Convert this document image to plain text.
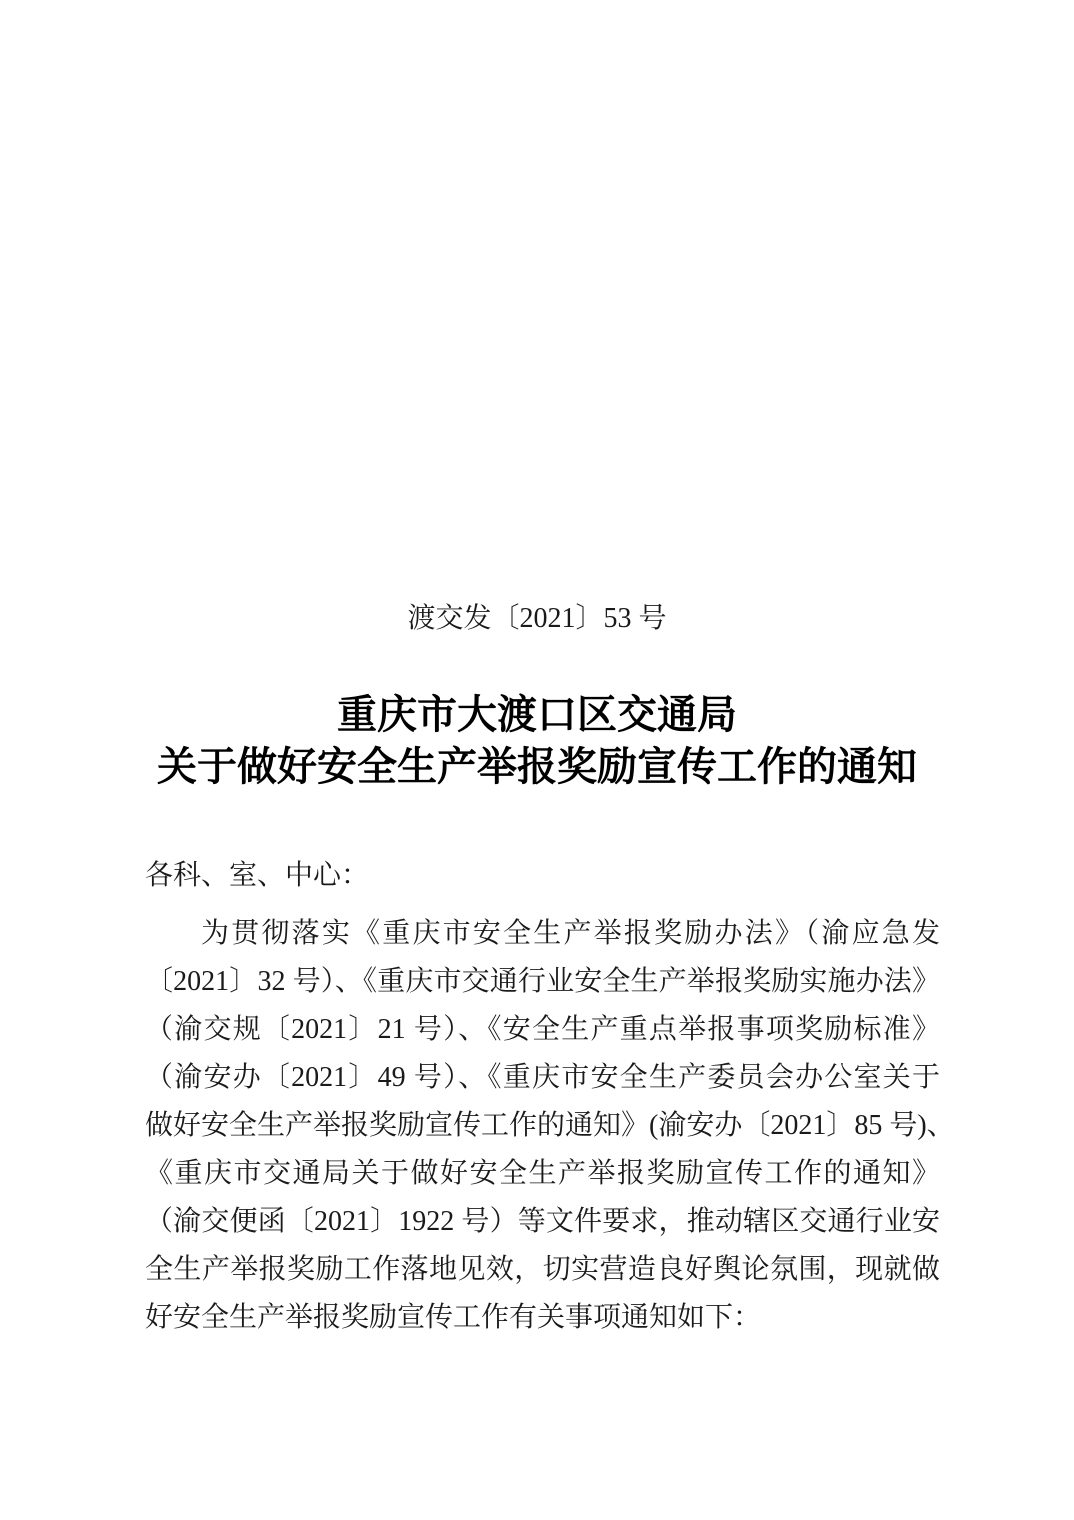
渡交发〔2021〕53 号
重庆市大渡口区交通局
关于做好安全生产举报奖励宣传工作的通知
各科、室、中心：
为贯彻落实《重庆市安全生产举报奖励办法》（渝应急发
〔2021〕32 号）、《重庆市交通行业安全生产举报奖励实施办法》
（渝交规〔2021〕21 号）、《安全生产重点举报事项奖励标准》
（渝安办〔2021〕49 号）、《重庆市安全生产委员会办公室关于
做好安全生产举报奖励宣传工作的通知》(渝安办〔2021〕85 号)、
《重庆市交通局关于做好安全生产举报奖励宣传工作的通知》
（渝交便函〔2021〕1922 号）等文件要求，推动辖区交通行业安
全生产举报奖励工作落地见效，切实营造良好舆论氛围，现就做
好安全生产举报奖励宣传工作有关事项通知如下：
